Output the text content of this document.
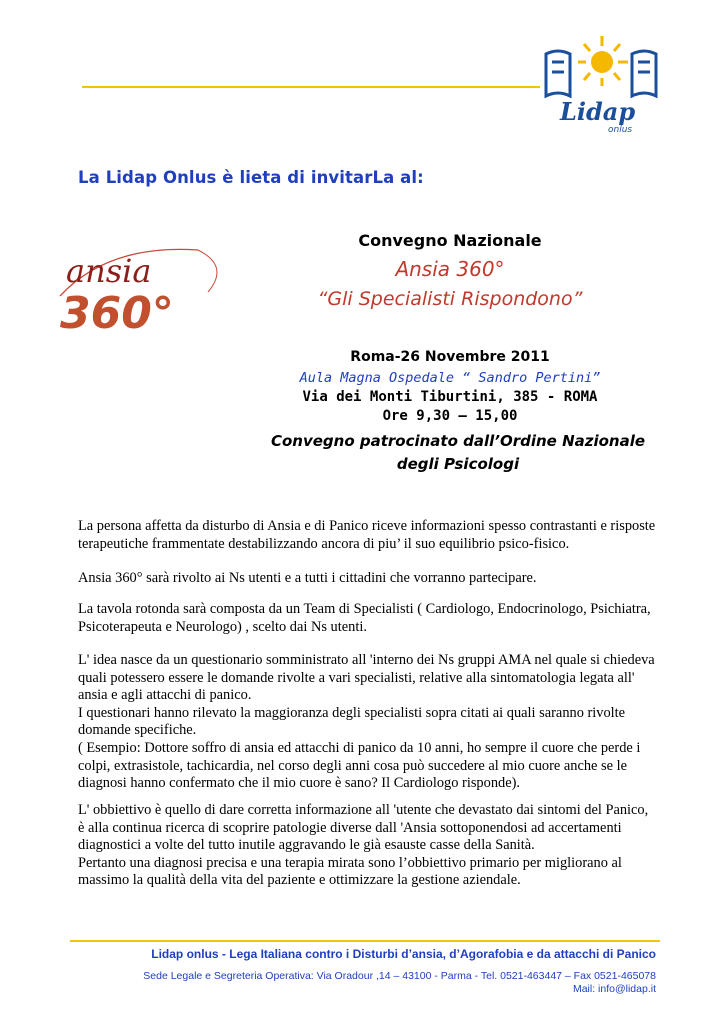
Lidap
onlus
La Lidap Onlus è lieta di invitarLa al:
ansia
360°
Convegno Nazionale
Ansia 360°
“Gli Specialisti Rispondono”
Roma-26 Novembre 2011
Aula Magna Ospedale “ Sandro Pertini”
Via dei Monti Tiburtini, 385 - ROMA
Ore 9,30 – 15,00
Convegno patrocinato dall’Ordine Nazionale degli Psicologi
La persona affetta da disturbo di Ansia e di Panico riceve informazioni spesso contrastanti e risposte terapeutiche frammentate destabilizzando ancora di piu’ il suo equilibrio psico-fisico.
Ansia 360° sarà rivolto ai Ns utenti e a tutti i cittadini che vorranno partecipare.
La tavola rotonda sarà composta da un Team di Specialisti ( Cardiologo, Endocrinologo, Psichiatra, Psicoterapeuta e Neurologo) , scelto dai Ns utenti.
L' idea nasce da un questionario somministrato all 'interno dei Ns gruppi AMA nel quale si chiedeva quali potessero essere le domande rivolte a vari specialisti, relative alla sintomatologia legata all' ansia e agli attacchi di panico.
I questionari hanno rilevato la maggioranza degli specialisti sopra citati ai quali saranno rivolte domande specifiche.
( Esempio: Dottore soffro di ansia ed attacchi di panico da 10 anni, ho sempre il cuore che perde i colpi, extrasistole, tachicardia, nel corso degli anni cosa può succedere al mio cuore anche se le diagnosi hanno confermato che il mio cuore è sano? Il Cardiologo risponde).
L' obbiettivo è quello di dare corretta informazione all 'utente che devastato dai sintomi del Panico, è alla continua ricerca di scoprire patologie diverse dall 'Ansia sottoponendosi ad accertamenti diagnostici a volte del tutto inutile aggravando le già esauste casse della Sanità.
Pertanto una diagnosi precisa e una terapia mirata sono l’obbiettivo primario per migliorano al massimo la qualità della vita del paziente e ottimizzare la gestione aziendale.
Lidap onlus - Lega Italiana contro i Disturbi d’ansia, d’Agorafobia e da attacchi di Panico
Sede Legale e Segreteria Operativa: Via Oradour ,14 – 43100 - Parma - Tel. 0521-463447 – Fax 0521-465078
Mail: info@lidap.it
